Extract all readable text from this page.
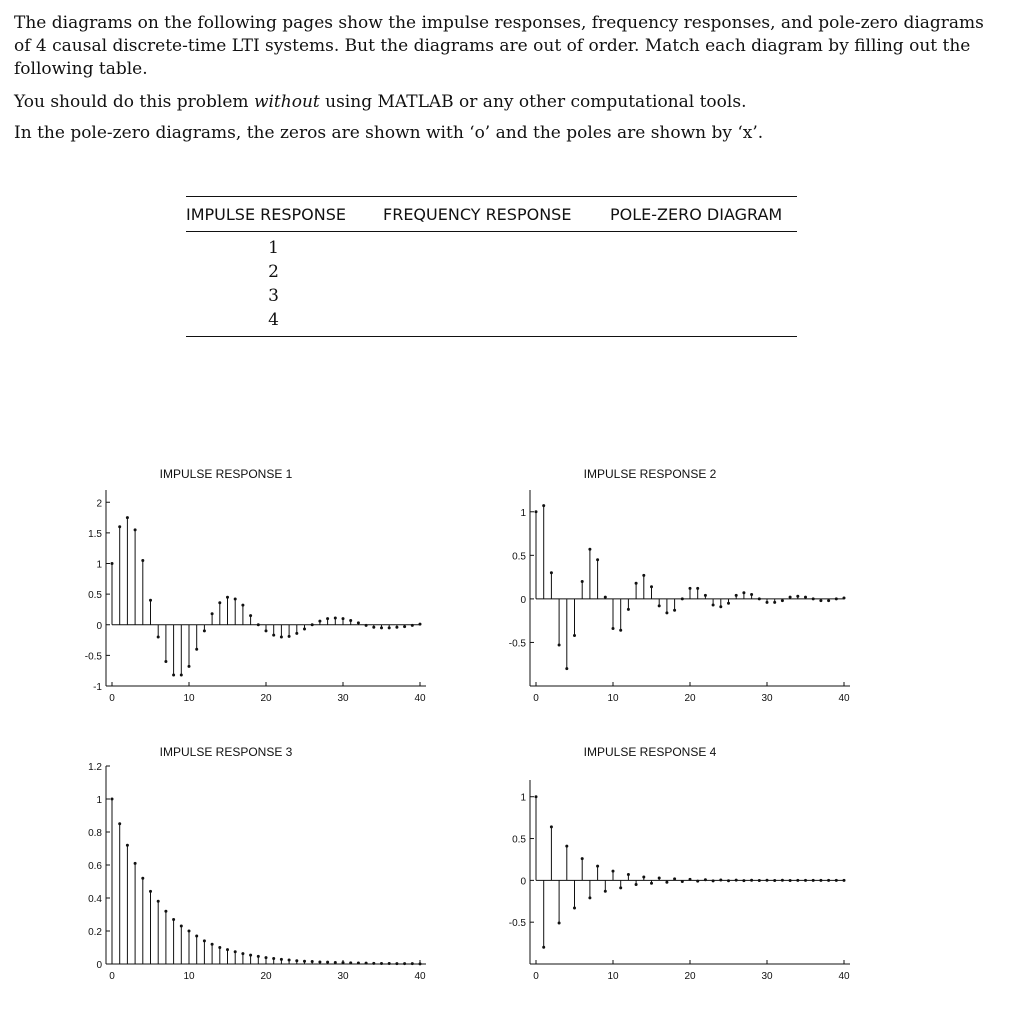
The diagrams on the following pages show the impulse responses, frequency responses, and pole-zero diagrams of 4 causal discrete-time LTI systems. But the diagrams are out of order. Match each diagram by filling out the following table.

You should do this problem without using MATLAB or any other computational tools.

In the pole-zero diagrams, the zeros are shown with ‘o’ and the poles are shown by ‘x’.

IMPULSE RESPONSE	FREQUENCY RESPONSE	POLE-ZERO DIAGRAM
1
2
3
4
IMPULSE RESPONSE 1
-1
-0.5
0
0.5
1
1.5
2
0	10	20	30	40
IMPULSE RESPONSE 2
-0.5
0
0.5
1
0	10	20	30	40
IMPULSE RESPONSE 3
0
0.2
0.4
0.6
0.8
1
1.2
0	10	20	30	40
IMPULSE RESPONSE 4
-0.5
0
0.5
1
0	10	20	30	40
